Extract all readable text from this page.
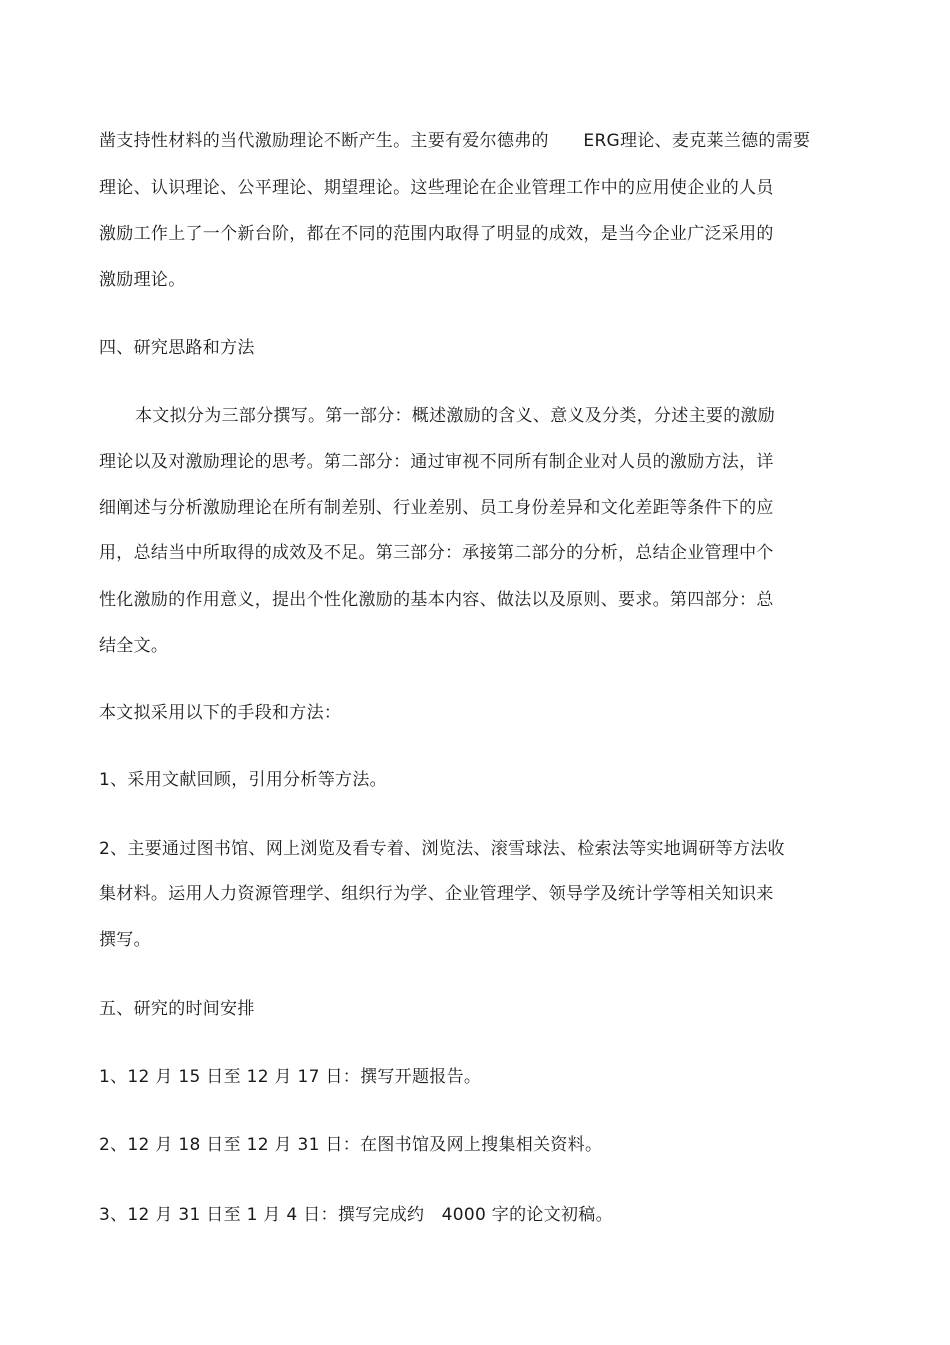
凿支持性材料的当代激励理论不断产生。主要有爱尔德弗的　　ERG理论、麦克莱兰德的需要

理论、认识理论、公平理论、期望理论。这些理论在企业管理工作中的应用使企业的人员

激励工作上了一个新台阶，都在不同的范围内取得了明显的成效，是当今企业广泛采用的

激励理论。

四、研究思路和方法

本文拟分为三部分撰写。第一部分：概述激励的含义、意义及分类，分述主要的激励

理论以及对激励理论的思考。第二部分：通过审视不同所有制企业对人员的激励方法，详

细阐述与分析激励理论在所有制差别、行业差别、员工身份差异和文化差距等条件下的应

用，总结当中所取得的成效及不足。第三部分：承接第二部分的分析，总结企业管理中个

性化激励的作用意义，提出个性化激励的基本内容、做法以及原则、要求。第四部分：总

结全文。

本文拟采用以下的手段和方法：

1、采用文献回顾，引用分析等方法。

2、主要通过图书馆、网上浏览及看专着、浏览法、滚雪球法、检索法等实地调研等方法收

集材料。运用人力资源管理学、组织行为学、企业管理学、领导学及统计学等相关知识来

撰写。

五、研究的时间安排

1、12 月 15 日至 12 月 17 日：撰写开题报告。

2、12 月 18 日至 12 月 31 日：在图书馆及网上搜集相关资料。

3、12 月 31 日至 1 月 4 日：撰写完成约　4000 字的论文初稿。
